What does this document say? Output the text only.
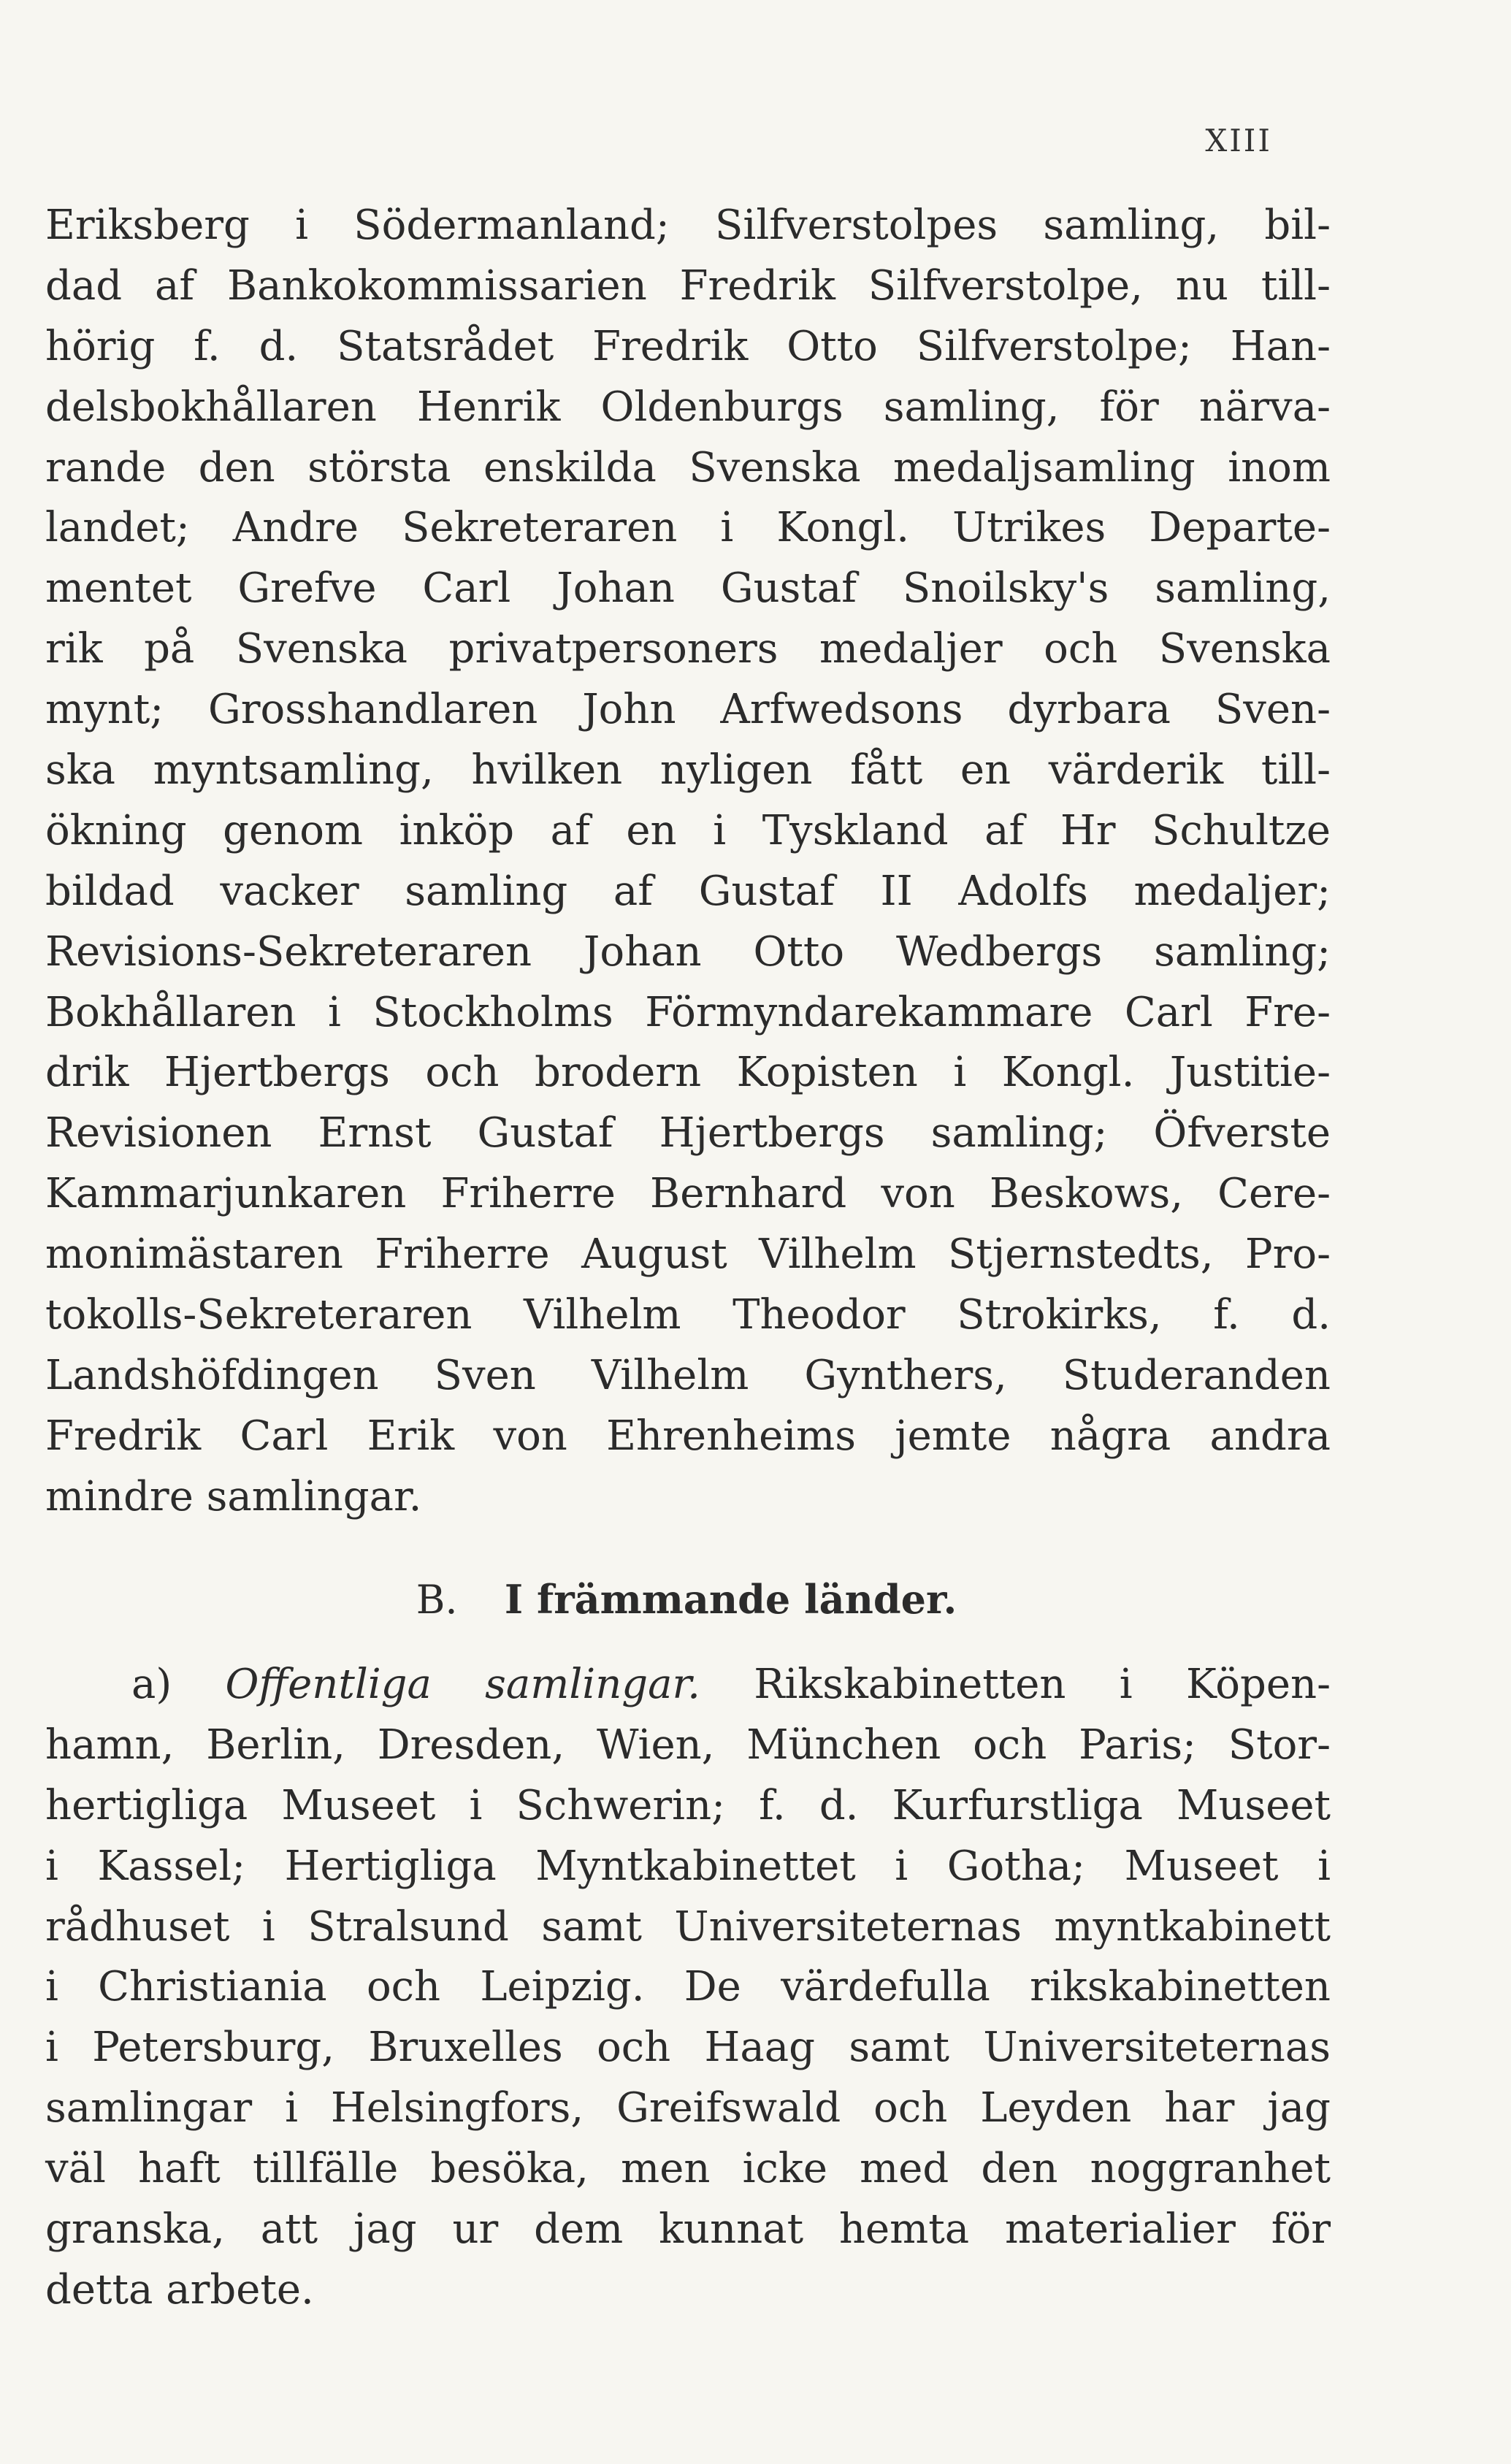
XIII
Eriksberg i Södermanland; Silfverstolpes samling, bil-
dad af Bankokommissarien Fredrik Silfverstolpe, nu till-
hörig f. d. Statsrådet Fredrik Otto Silfverstolpe; Han-
delsbokhållaren Henrik Oldenburgs samling, för närva-
rande den största enskilda Svenska medaljsamling inom
landet; Andre Sekreteraren i Kongl. Utrikes Departe-
mentet Grefve Carl Johan Gustaf Snoilsky's samling,
rik på Svenska privatpersoners medaljer och Svenska
mynt; Grosshandlaren John Arfwedsons dyrbara Sven-
ska myntsamling, hvilken nyligen fått en värderik till-
ökning genom inköp af en i Tyskland af Hr Schultze
bildad vacker samling af Gustaf II Adolfs medaljer;
Revisions-Sekreteraren Johan Otto Wedbergs samling;
Bokhållaren i Stockholms Förmyndarekammare Carl Fre-
drik Hjertbergs och brodern Kopisten i Kongl. Justitie-
Revisionen Ernst Gustaf Hjertbergs samling; Öfverste
Kammarjunkaren Friherre Bernhard von Beskows, Cere-
monimästaren Friherre August Vilhelm Stjernstedts, Pro-
tokolls-Sekreteraren Vilhelm Theodor Strokirks, f. d.
Landshöfdingen Sven Vilhelm Gynthers, Studeranden
Fredrik Carl Erik von Ehrenheims jemte några andra
mindre samlingar.
B. I främmande länder.
a) Offentliga samlingar. Rikskabinetten i Köpen-
hamn, Berlin, Dresden, Wien, München och Paris; Stor-
hertigliga Museet i Schwerin; f. d. Kurfurstliga Museet
i Kassel; Hertigliga Myntkabinettet i Gotha; Museet i
rådhuset i Stralsund samt Universiteternas myntkabinett
i Christiania och Leipzig. De värdefulla rikskabinetten
i Petersburg, Bruxelles och Haag samt Universiteternas
samlingar i Helsingfors, Greifswald och Leyden har jag
väl haft tillfälle besöka, men icke med den noggranhet
granska, att jag ur dem kunnat hemta materialier för
detta arbete.
